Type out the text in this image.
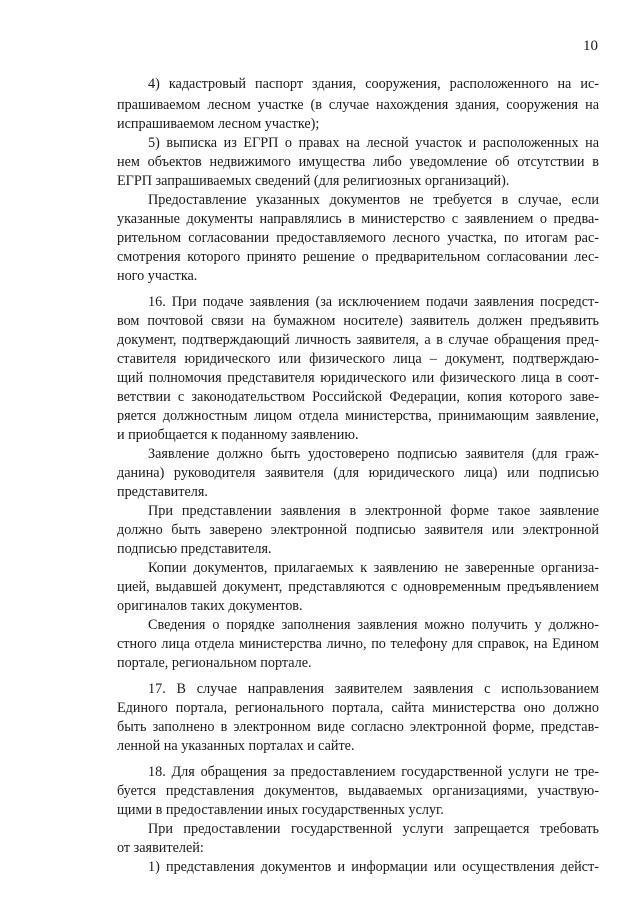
10
4) кадастровый паспорт здания, сооружения, расположенного на ис-
прашиваемом лесном участке (в случае нахождения здания, сооружения на
испрашиваемом лесном участке);
5) выписка из ЕГРП о правах на лесной участок и расположенных на
нем объектов недвижимого имущества либо уведомление об отсутствии в
ЕГРП запрашиваемых сведений (для религиозных организаций).
Предоставление указанных документов не требуется в случае, если
указанные документы направлялись в министерство с заявлением о предва-
рительном согласовании предоставляемого лесного участка, по итогам рас-
смотрения которого принято решение о предварительном согласовании лес-
ного участка.
16. При подаче заявления (за исключением подачи заявления посредст-
вом почтовой связи на бумажном носителе) заявитель должен предъявить
документ, подтверждающий личность заявителя, а в случае обращения пред-
ставителя юридического или физического лица – документ, подтверждаю-
щий полномочия представителя юридического или физического лица в соот-
ветствии с законодательством Российской Федерации, копия которого заве-
ряется должностным лицом отдела министерства, принимающим заявление,
и приобщается к поданному заявлению.
Заявление должно быть удостоверено подписью заявителя (для граж-
данина) руководителя заявителя (для юридического лица) или подписью
представителя.
При представлении заявления в электронной форме такое заявление
должно быть заверено электронной подписью заявителя или электронной
подписью представителя.
Копии документов, прилагаемых к заявлению не заверенные организа-
цией, выдавшей документ, представляются с одновременным предъявлением
оригиналов таких документов.
Сведения о порядке заполнения заявления можно получить у должно-
стного лица отдела министерства лично, по телефону для справок, на Едином
портале, региональном портале.
17. В случае направления заявителем заявления с использованием
Единого портала, регионального портала, сайта министерства оно должно
быть заполнено в электронном виде согласно электронной форме, представ-
ленной на указанных порталах и сайте.
18. Для обращения за предоставлением государственной услуги не тре-
буется представления документов, выдаваемых организациями, участвую-
щими в предоставлении иных государственных услуг.
При предоставлении государственной услуги запрещается требовать
от заявителей:
1) представления документов и информации или осуществления дейст-
